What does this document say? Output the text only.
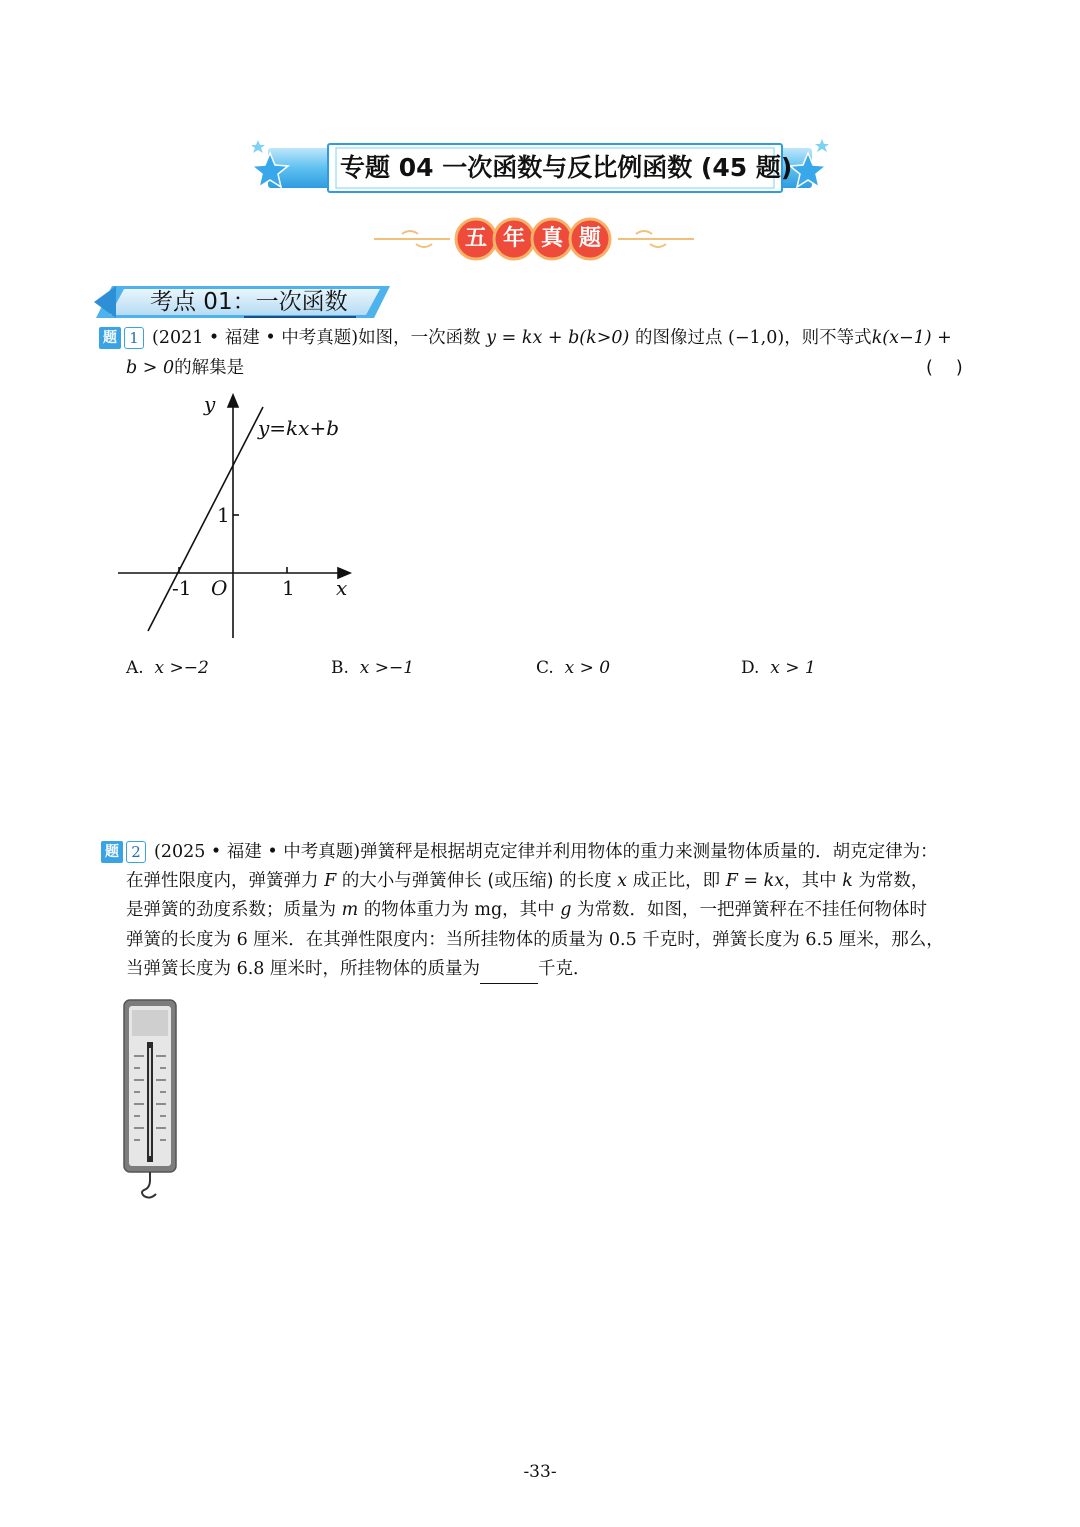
专题 04 一次函数与反比例函数 (45 题)
五 年 真 题
考点 01：一次函数
题 1 (2021 • 福建 • 中考真题)如图，一次函数 y = kx + b(k>0) 的图像过点 (−1,0)，则不等式k(x−1) +
b > 0的解集是	(　 )
y
x
O
y=kx+b
1
1
-1
A. x >−2	B. x >−1	C. x > 0	D. x > 1
题 2 (2025 • 福建 • 中考真题)弹簧秤是根据胡克定律并利用物体的重力来测量物体质量的．胡克定律为：
在弹性限度内，弹簧弹力 F 的大小与弹簧伸长 (或压缩) 的长度 x 成正比，即 F = kx，其中 k 为常数，
是弹簧的劲度系数；质量为 m 的物体重力为 mg，其中 g 为常数．如图，一把弹簧秤在不挂任何物体时
弹簧的长度为 6 厘米．在其弹性限度内：当所挂物体的质量为 0.5 千克时，弹簧长度为 6.5 厘米，那么，
当弹簧长度为 6.8 厘米时，所挂物体的质量为	千克．
-33-
